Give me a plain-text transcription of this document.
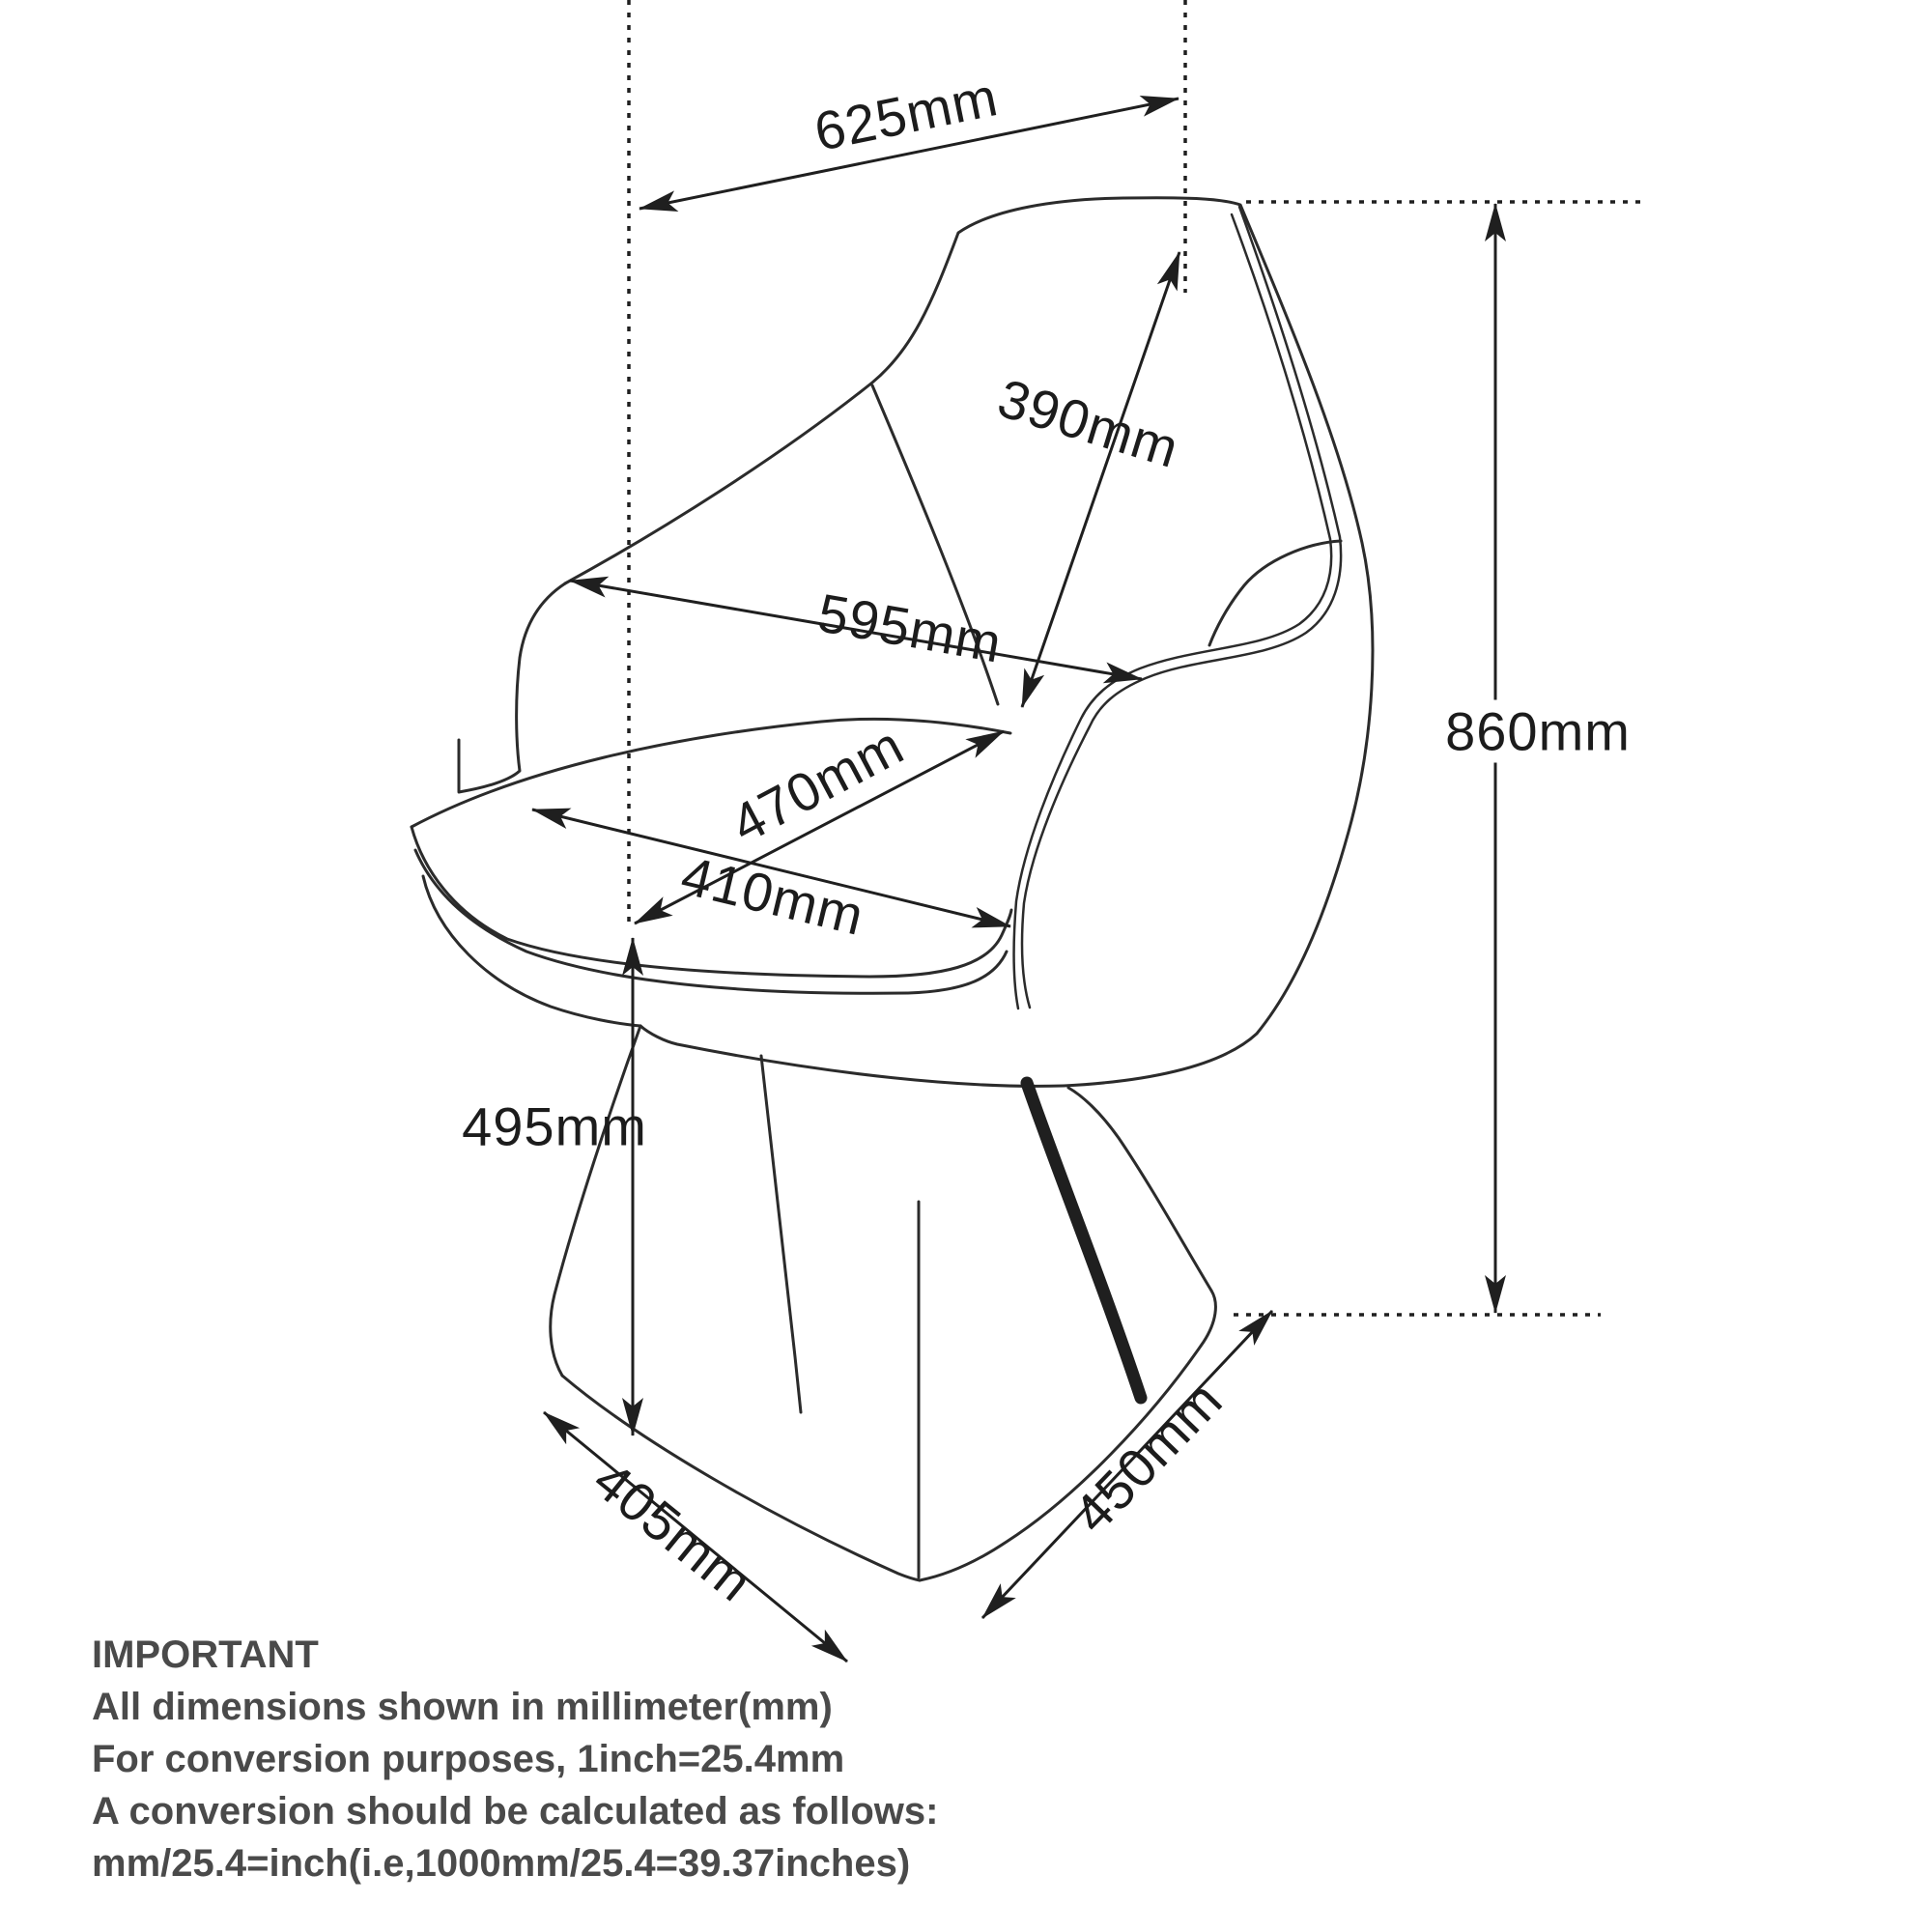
625mm
390mm
595mm
470mm
410mm
860mm
495mm
405mm	450mm
IMPORTANT
All dimensions shown in millimeter(mm)
For conversion purposes, 1inch=25.4mm
A conversion should be calculated as follows:
mm/25.4=inch(i.e,1000mm/25.4=39.37inches)
